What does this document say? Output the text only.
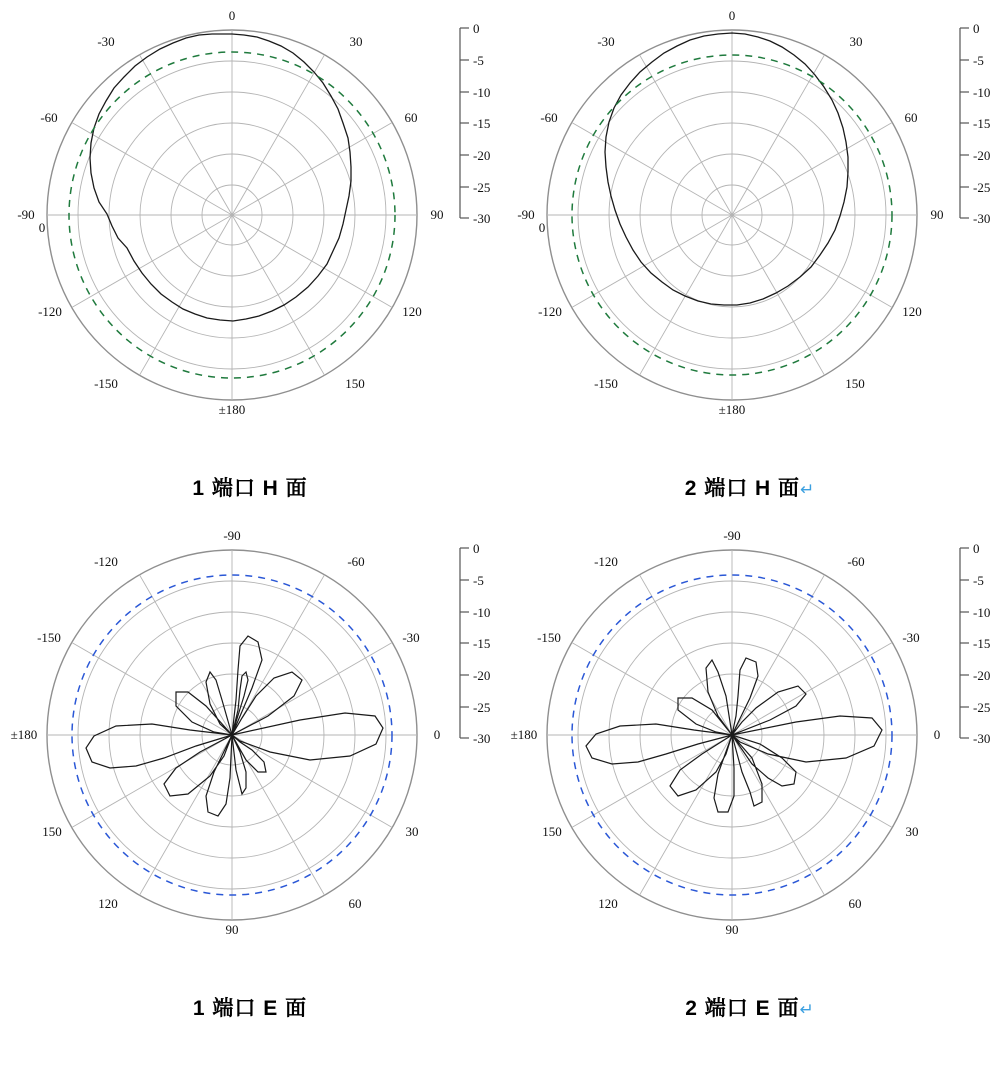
0
30
60
90
120
150
±180
-150
-120
-90
-60
-30
0
0
-5
-10
-15
-20
-25
-30
1 端口 H 面
0
30
60
90
120
150
±180
-150
-120
-90
-60
-30
0
0
-5
-10
-15
-20
-25
-30
2 端口 H 面↵
-90
-60
-30
0
30
60
90
120
150
±180
-150
-120
0
-5
-10
-15
-20
-25
-30
1 端口 E 面
-90
-60
-30
0
30
60
90
120
150
±180
-150
-120
0
-5
-10
-15
-20
-25
-30
2 端口 E 面↵
